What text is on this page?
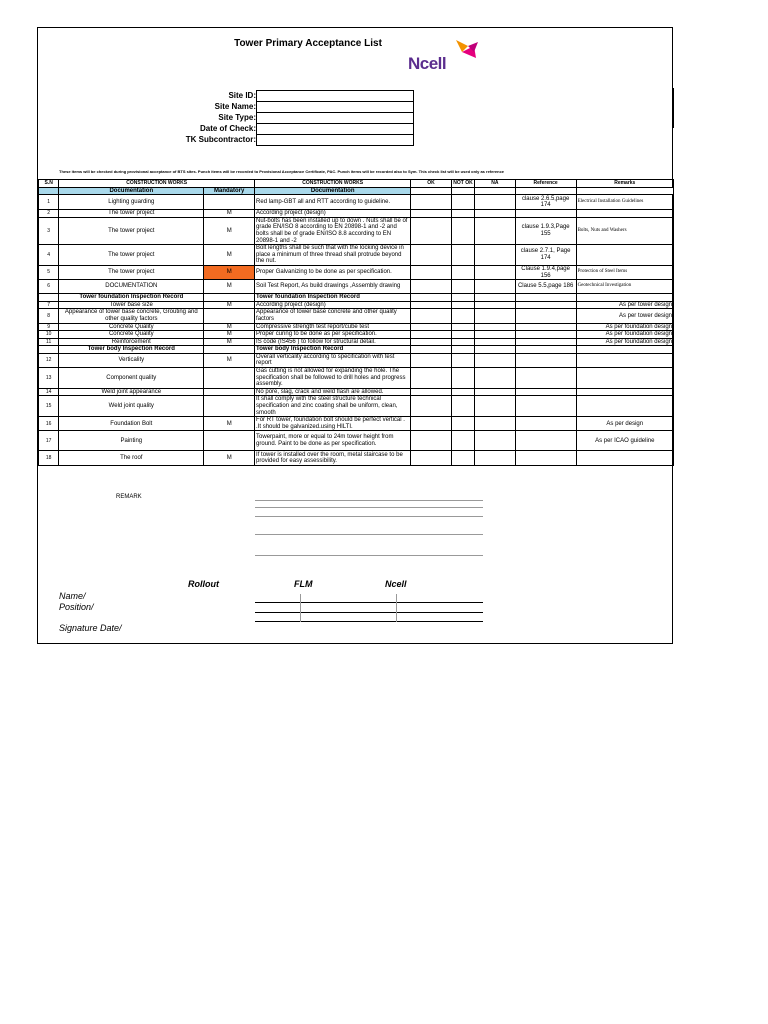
Tower Primary Acceptance List
Ncell
Site ID:
Site Name:
Site Type:
Date of Check:
TK Subcontractor:
These items will be checked during provisional acceptance of BTS sites. Punch items will be recorded to Provisional Acceptance Certificate, PAC. Punch items will be recorded also to Sym. This check list will be used only as reference
S.N	CONSTRUCTION WORKS		CONSTRUCTION WORKS	OK	NOT OK	NA	Reference	Remarks
	Documentation	Mandatory	Documentation					
1	Lighting guarding		Red lamp-GBT all and RTT according to guideline.				clause 2.6.5,page 174	Electrical Installation Guidelines
2	The tower project	M	According project (design)					
3	The tower project	M	Nut-bolts has been installed up to down . Nuts shall be of grade EN/ISO 8 according to EN 20898-1 and -2 and bolts shall be of grade EN/ISO 8.8 according to EN 20898-1 and -2				clause 1.9.3,Page 155	Bolts, Nuts and Washers
4	The tower project	M	Bolt lengths shall be such that with the locking device in place a minimum of three thread shall protrude beyond the nut.				clause 2.7.1, Page 174	
5	The tower project	M	Proper Galvanizing to be done as per specification.				Clause 1.9.4,page 156	Protection of Steel Items
6	DOCUMENTATION	M	Soil Test Report, As build drawings ,Assembly drawing				Clause 5.5,page 186	Geotechnical Investigation
	Tower foundation Inspection Record		Tower foundation Inspection Record					
7	Tower base size	M	According project (design)					As per tower design
8	Appearance of tower base concrete, Grouting and other quality factors		Appearance of tower base concrete and other quality factors					As per tower design
9	Concrete Quality	M	Compressive strength test report/cube test					As per foundation design
10	Concrete Quality	M	Proper curing to be done as per specification.					As per foundation design
11	Reinforcement	M	IS code (IS456 ) to follow for structural detail.					As per foundation design
	Tower body Inspection Record		Tower body Inspection Record					
12	Verticality	M	Overall verticality according to specification with test report					
13	Component quality		Gas cutting is not allowed for expanding the hole. The specification shall be followed to drill holes and progress assembly.					
14	Weld joint appearance		No pore, slag, crack and weld flash are allowed.					
15	Weld joint quality		It shall comply with the steel structure technical specification and zinc coating shall be uniform, clean, smooth					
16	Foundation Bolt	M	For RT tower, foundation bolt should be perfect vertical . .It should be galvanized.using HILTI.					As per design
17	Painting		Towerpaint, more or equal to 24m tower height from ground. Paint to be done as per specification.					As per ICAO guideline
18	The roof	M	If tower is installed over the room, metal staircase to be provided for easy assessibility.					
REMARK
Rollout	FLM	Ncell
Name/
Position/
Signature Date/
